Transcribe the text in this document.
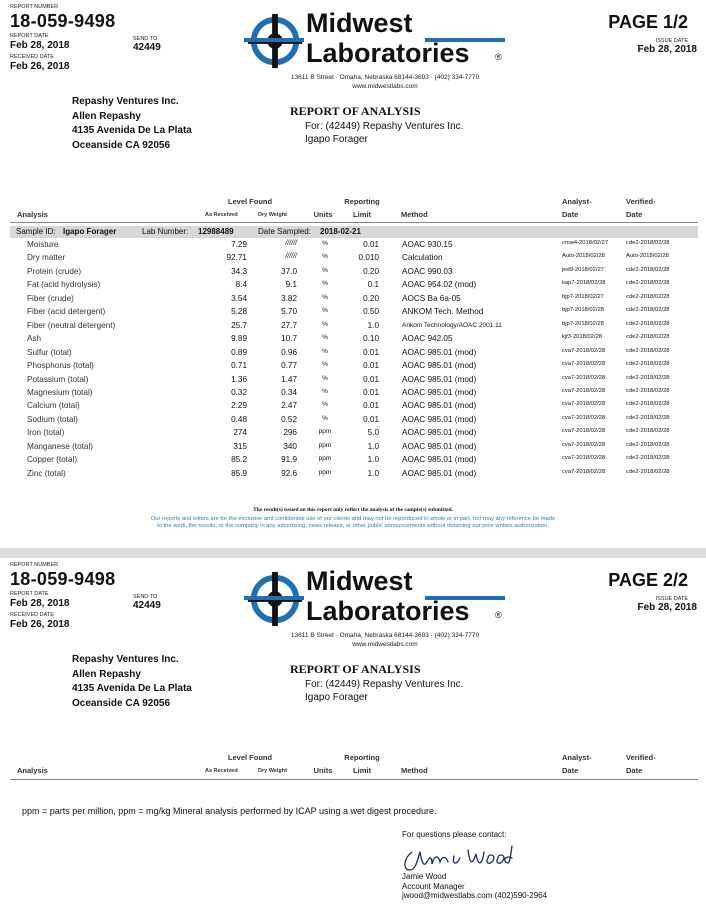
REPORT NUMBER
18-059-9498
REPORT DATE
Feb 28, 2018
SEND TO
42449
RECEIVED DATE
Feb 26, 2018
PAGE 1/2
ISSUE DATE
Feb 28, 2018
Midwest
Laboratories	®
13611 B Street · Omaha, Nebraska 68144-3693 · (402) 334-7770
www.midwestlabs.com
Repashy Ventures Inc.
Allen Repashy
4135 Avenida De La Plata
Oceanside CA 92056
REPORT OF ANALYSIS
For: (42449) Repashy Ventures Inc.
Igapo Forager
Level Found
Analysis	As Received	Dry Weight	Units
Reporting
Limit	Method
Analyst-
Date
Verified-
Date
Sample ID: Igapo Forager	Lab Number: 12988489	Date Sampled: 2018-02-21
Moisture	7.29	//////	%	0.01	AOAC 930.15	cmw4-2018/02/27	cde2-2018/02/28
Dry matter	92.71	//////	%	0.010	Calculation	Auto-2018/02/28	Auto-2018/02/28
Protein (crude)	34.3	37.0	%	0.20	AOAC 990.03	jed9-2018/02/27	cde2-2018/02/28
Fat (acid hydrolysis)	8.4	9.1	%	0.1	AOAC 954.02 (mod)	kap7-2018/02/28	cde2-2018/02/28
Fiber (crude)	3.54	3.82	%	0.20	AOCS Ba 6a-05	bjp7-2018/02/27	cde2-2018/02/28
Fiber (acid detergent)	5.28	5.70	%	0.50	ANKOM Tech. Method	bjp7-2018/02/28	cde2-2018/02/28
Fiber (neutral detergent)	25.7	27.7	%	1.0	Ankom Technology/AOAC 2001.11	bjp7-2018/02/28	cde2-2018/02/28
Ash	9.89	10.7	%	0.10	AOAC 942.05	kjf3-2018/02/28	cde2-2018/02/28
Sulfur (total)	0.89	0.96	%	0.01	AOAC 985.01 (mod)	cva7-2018/02/28	cde2-2018/02/28
Phosphorus (total)	0.71	0.77	%	0.01	AOAC 985.01 (mod)	cva7-2018/02/28	cde2-2018/02/28
Potassium (total)	1.36	1.47	%	0.01	AOAC 985.01 (mod)	cva7-2018/02/28	cde2-2018/02/28
Magnesium (total)	0.32	0.34	%	0.01	AOAC 985.01 (mod)	cva7-2018/02/28	cde2-2018/02/28
Calcium (total)	2.29	2.47	%	0.01	AOAC 985.01 (mod)	cva7-2018/02/28	cde2-2018/02/28
Sodium (total)	0.48	0.52	%	0.01	AOAC 985.01 (mod)	cva7-2018/02/28	cde2-2018/02/28
Iron (total)	274	296	ppm	5.0	AOAC 985.01 (mod)	cva7-2018/02/28	cde2-2018/02/28
Manganese (total)	315	340	ppm	1.0	AOAC 985.01 (mod)	cva7-2018/02/28	cde2-2018/02/28
Copper (total)	85.2	91.9	ppm	1.0	AOAC 985.01 (mod)	cva7-2018/02/28	cde2-2018/02/28
Zinc (total)	85.9	92.6	ppm	1.0	AOAC 985.01 (mod)	cva7-2018/02/28	cde2-2018/02/28
The result(s) issued on this report only reflect the analysis of the sample(s) submitted.
Our reports and letters are for the exclusive and confidential use of our clients and may not be reproduced in whole or in part, nor may any reference be made
to the work, the results, or the company in any advertising, news release, or other public announcements without obtaining our prior written authorization.
REPORT NUMBER
18-059-9498
REPORT DATE
Feb 28, 2018
SEND TO
42449
RECEIVED DATE
Feb 26, 2018
PAGE 2/2
ISSUE DATE
Feb 28, 2018
Midwest
Laboratories	®
13611 B Street · Omaha, Nebraska 68144-3693 · (402) 334-7770
www.midwestlabs.com
Repashy Ventures Inc.
Allen Repashy
4135 Avenida De La Plata
Oceanside CA 92056
REPORT OF ANALYSIS
For: (42449) Repashy Ventures Inc.
Igapo Forager
Level Found
Analysis	As Received	Dry Weight	Units
Reporting
Limit	Method
Analyst-
Date
Verified-
Date
ppm = parts per million, ppm = mg/kg Mineral analysis performed by ICAP using a wet digest procedure.
For questions please contact:
Jamie Wood
Account Manager
jwood@midwestlabs.com (402)590-2964
